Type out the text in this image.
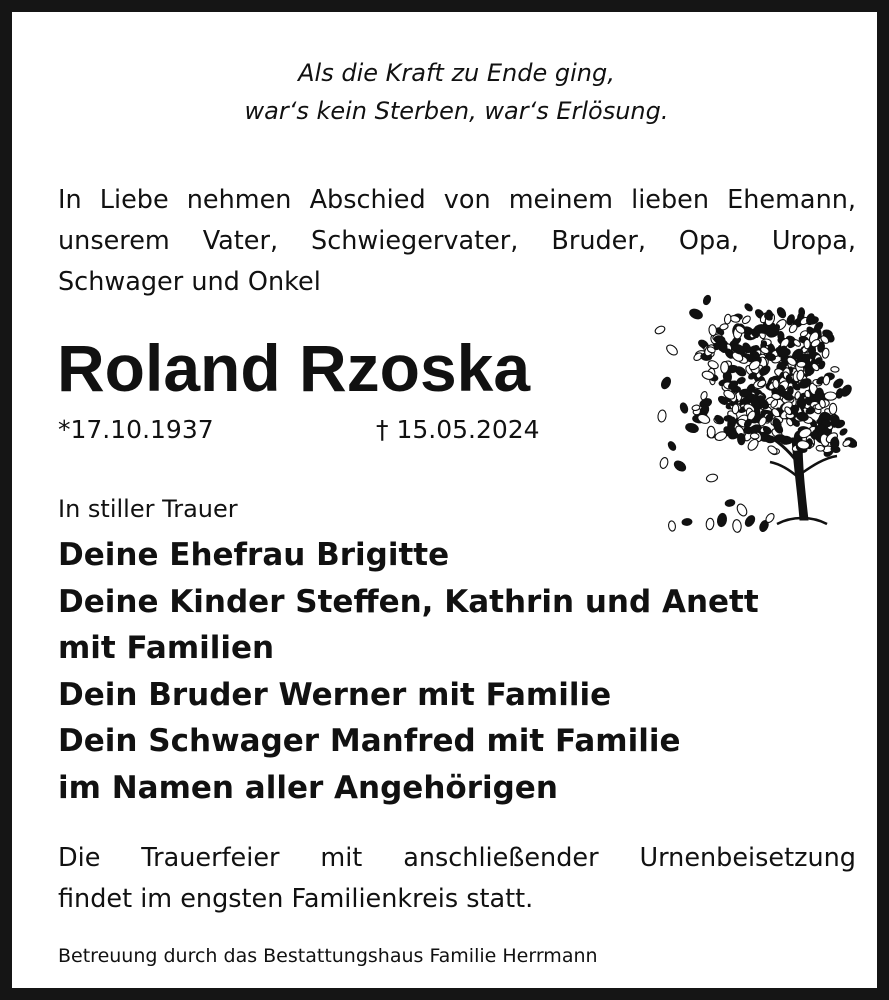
Als die Kraft zu Ende ging,
war‘s kein Sterben, war‘s Erlösung.
In Liebe nehmen Abschied von meinem lieben Ehemann,
unserem Vater, Schwiegervater, Bruder, Opa, Uropa,
Schwager und Onkel
Roland Rzoska
*17.10.1937	† 15.05.2024
In stiller Trauer
Deine Ehefrau Brigitte
Deine Kinder Steffen, Kathrin und Anett
mit Familien
Dein Bruder Werner mit Familie
Dein Schwager Manfred mit Familie
im Namen aller Angehörigen
Die Trauerfeier mit anschließender Urnenbeisetzung
findet im engsten Familienkreis statt.
Betreuung durch das Bestattungshaus Familie Herrmann
